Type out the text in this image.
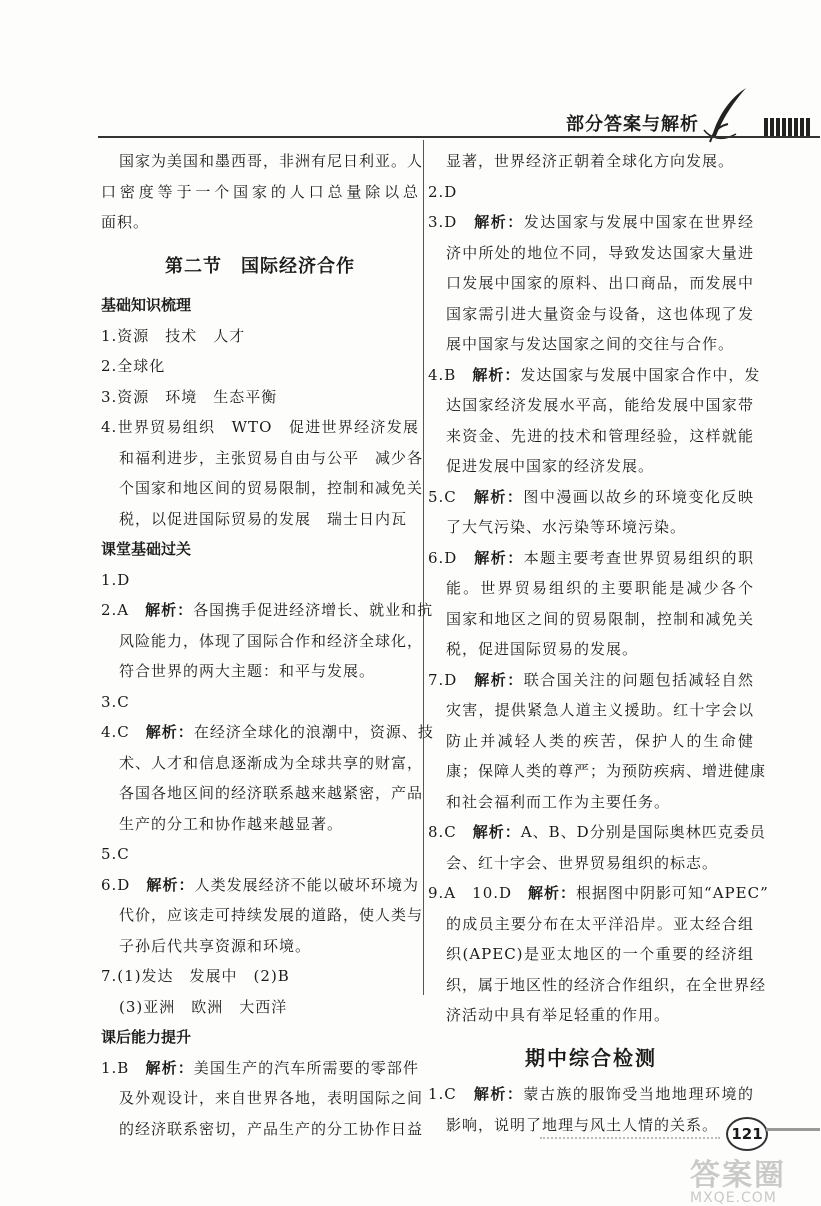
部分答案与解析
国家为美国和墨西哥，非洲有尼日利亚。人
口密度等于一个国家的人口总量除以总
面积。
第二节　国际经济合作
基础知识梳理
1.资源　技术　人才
2.全球化
3.资源　环境　生态平衡
4.世界贸易组织　WTO　促进世界经济发展
和福利进步，主张贸易自由与公平　减少各
个国家和地区间的贸易限制，控制和减免关
税，以促进国际贸易的发展　瑞士日内瓦
课堂基础过关
1.D
2.A　解析：各国携手促进经济增长、就业和抗
风险能力，体现了国际合作和经济全球化，
符合世界的两大主题：和平与发展。
3.C
4.C　解析：在经济全球化的浪潮中，资源、技
术、人才和信息逐渐成为全球共享的财富，
各国各地区间的经济联系越来越紧密，产品
生产的分工和协作越来越显著。
5.C
6.D　解析：人类发展经济不能以破坏环境为
代价，应该走可持续发展的道路，使人类与
子孙后代共享资源和环境。
7.(1)发达　发展中　(2)B
(3)亚洲　欧洲　大西洋
课后能力提升
1.B　解析：美国生产的汽车所需要的零部件
及外观设计，来自世界各地，表明国际之间
的经济联系密切，产品生产的分工协作日益
显著，世界经济正朝着全球化方向发展。
2.D
3.D　解析：发达国家与发展中国家在世界经
济中所处的地位不同，导致发达国家大量进
口发展中国家的原料、出口商品，而发展中
国家需引进大量资金与设备，这也体现了发
展中国家与发达国家之间的交往与合作。
4.B　解析：发达国家与发展中国家合作中，发
达国家经济发展水平高，能给发展中国家带
来资金、先进的技术和管理经验，这样就能
促进发展中国家的经济发展。
5.C　解析：图中漫画以故乡的环境变化反映
了大气污染、水污染等环境污染。
6.D　解析：本题主要考查世界贸易组织的职
能。世界贸易组织的主要职能是减少各个
国家和地区之间的贸易限制，控制和减免关
税，促进国际贸易的发展。
7.D　解析：联合国关注的问题包括减轻自然
灾害，提供紧急人道主义援助。红十字会以
防止并减轻人类的疾苦，保护人的生命健
康；保障人类的尊严；为预防疾病、增进健康
和社会福利而工作为主要任务。
8.C　解析：A、B、D分别是国际奥林匹克委员
会、红十字会、世界贸易组织的标志。
9.A　10.D　解析：根据图中阴影可知“APEC”
的成员主要分布在太平洋沿岸。亚太经合组
织(APEC)是亚太地区的一个重要的经济组
织，属于地区性的经济合作组织，在全世界经
济活动中具有举足轻重的作用。
期中综合检测
1.C　解析：蒙古族的服饰受当地地理环境的
影响，说明了地理与风土人情的关系。
121
答案圈
MXQE.COM
